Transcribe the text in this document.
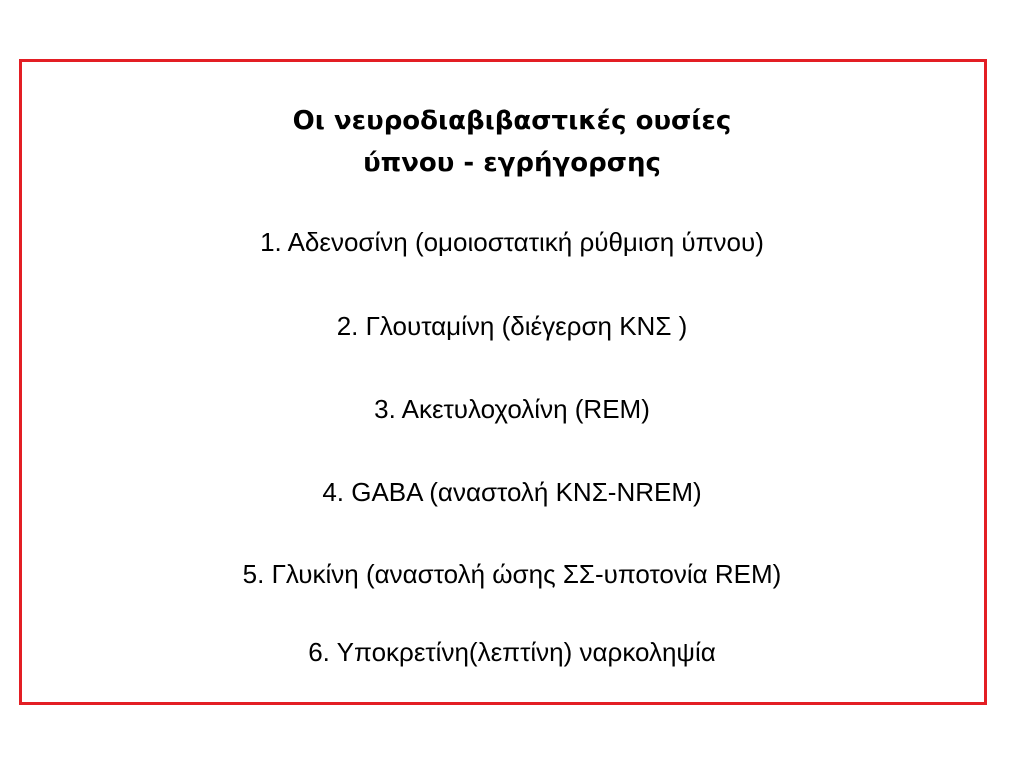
Οι νευροδιαβιβαστικές ουσίες
ύπνου - εγρήγορσης
1. Αδενοσίνη (ομοιοστατική ρύθμιση ύπνου)
2. Γλουταμίνη (διέγερση ΚΝΣ )
3. Ακετυλοχολίνη (REM)
4. GABA (αναστολή ΚΝΣ-NREM)
5. Γλυκίνη (αναστολή ώσης ΣΣ-υποτονία REM)
6. Υποκρετίνη(λεπτίνη) ναρκοληψία
